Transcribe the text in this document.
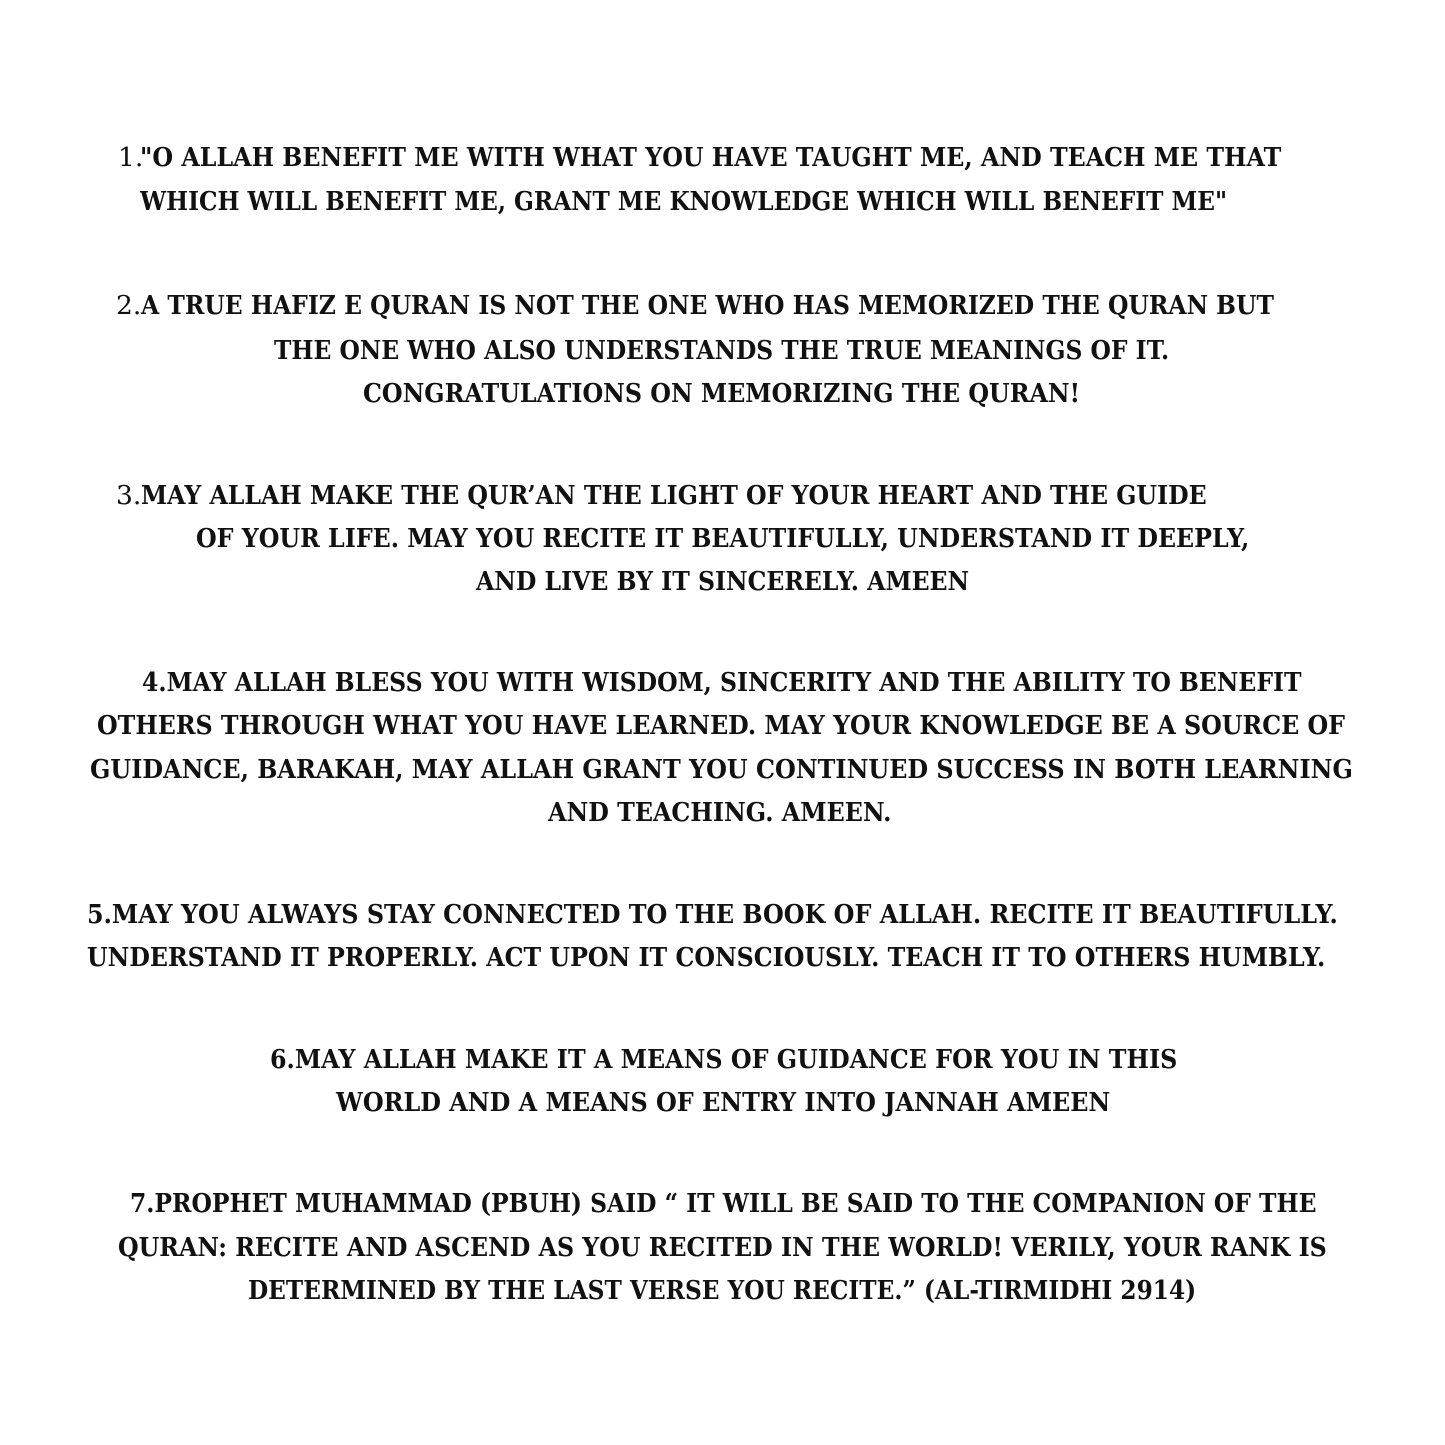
1.
"O ALLAH BENEFIT ME WITH WHAT YOU HAVE TAUGHT ME, AND TEACH ME THAT
WHICH WILL BENEFIT ME, GRANT ME KNOWLEDGE WHICH WILL BENEFIT ME"
2. A TRUE HAFIZ E QURAN IS NOT THE ONE WHO HAS MEMORIZED THE QURAN BUT
THE ONE WHO ALSO UNDERSTANDS THE TRUE MEANINGS OF IT.
CONGRATULATIONS ON MEMORIZING THE QURAN!
3. MAY ALLAH MAKE THE QUR’AN THE LIGHT OF YOUR HEART AND THE GUIDE
OF YOUR LIFE. MAY YOU RECITE IT BEAUTIFULLY, UNDERSTAND IT DEEPLY,
AND LIVE BY IT SINCERELY. AMEEN
4.MAY ALLAH BLESS YOU WITH WISDOM, SINCERITY AND THE ABILITY TO BENEFIT
OTHERS THROUGH WHAT YOU HAVE LEARNED. MAY YOUR KNOWLEDGE BE A SOURCE OF
GUIDANCE, BARAKAH, MAY ALLAH GRANT YOU CONTINUED SUCCESS IN BOTH LEARNING
AND TEACHING. AMEEN.
5.MAY YOU ALWAYS STAY CONNECTED TO THE BOOK OF ALLAH. RECITE IT BEAUTIFULLY.
UNDERSTAND IT PROPERLY. ACT UPON IT CONSCIOUSLY. TEACH IT TO OTHERS HUMBLY.
6.MAY ALLAH MAKE IT A MEANS OF GUIDANCE FOR YOU IN THIS
WORLD AND A MEANS OF ENTRY INTO JANNAH AMEEN
7.PROPHET MUHAMMAD (PBUH) SAID “ IT WILL BE SAID TO THE COMPANION OF THE
QURAN: RECITE AND ASCEND AS YOU RECITED IN THE WORLD! VERILY, YOUR RANK IS
DETERMINED BY THE LAST VERSE YOU RECITE.” (AL-TIRMIDHI 2914)
